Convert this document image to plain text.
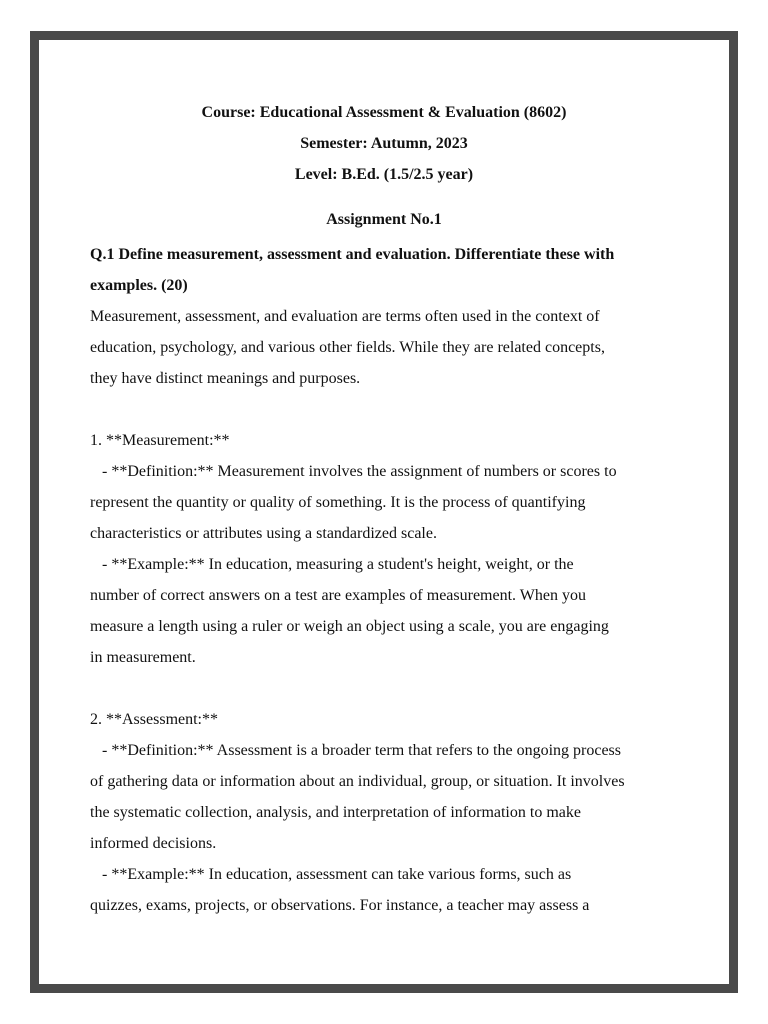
Course: Educational Assessment & Evaluation (8602)
Semester: Autumn, 2023
Level: B.Ed. (1.5/2.5 year)
Assignment No.1

Q.1 Define measurement, assessment and evaluation. Differentiate these with
examples. (20)

Measurement, assessment, and evaluation are terms often used in the context of
education, psychology, and various other fields. While they are related concepts,
they have distinct meanings and purposes.

1. **Measurement:**
- **Definition:** Measurement involves the assignment of numbers or scores to
represent the quantity or quality of something. It is the process of quantifying
characteristics or attributes using a standardized scale.
- **Example:** In education, measuring a student's height, weight, or the
number of correct answers on a test are examples of measurement. When you
measure a length using a ruler or weigh an object using a scale, you are engaging
in measurement.

2. **Assessment:**
- **Definition:** Assessment is a broader term that refers to the ongoing process
of gathering data or information about an individual, group, or situation. It involves
the systematic collection, analysis, and interpretation of information to make
informed decisions.
- **Example:** In education, assessment can take various forms, such as
quizzes, exams, projects, or observations. For instance, a teacher may assess a
